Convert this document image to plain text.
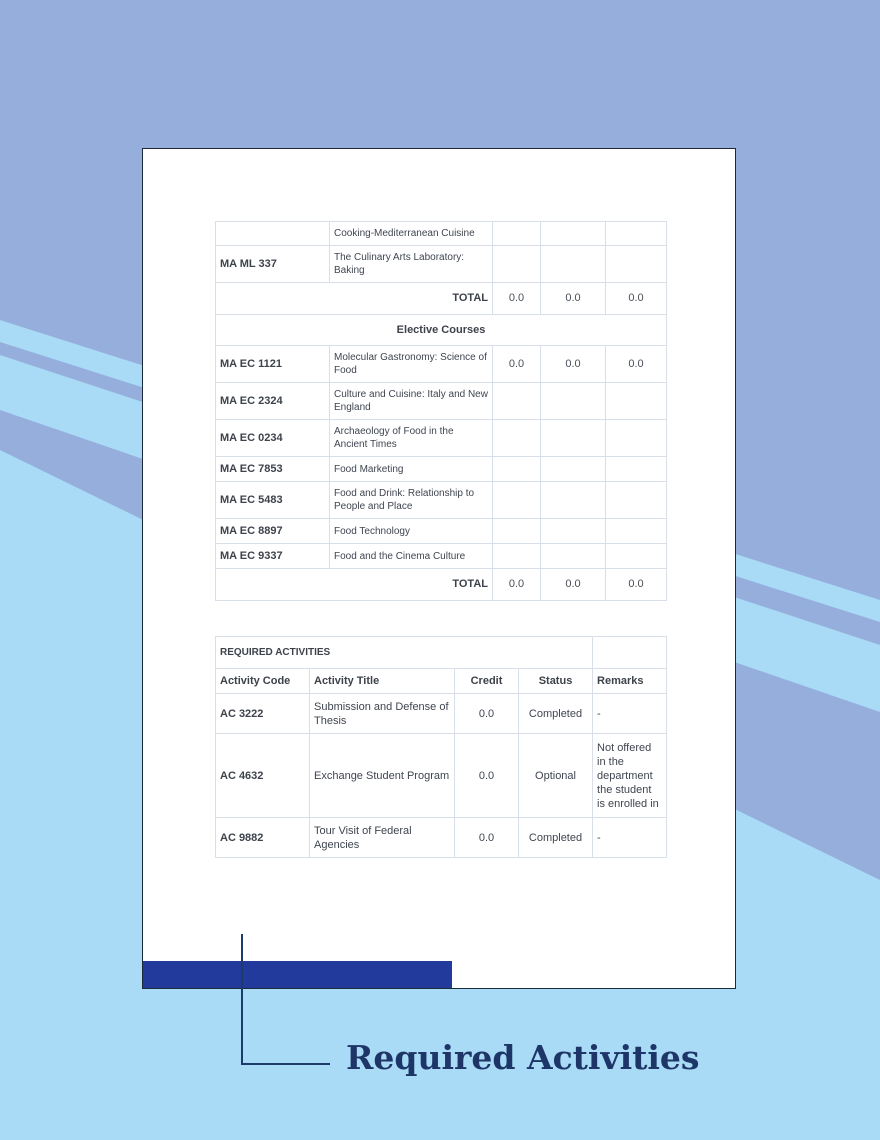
	Cooking-Mediterranean Cuisine			
MA ML 337	The Culinary Arts Laboratory: Baking			
TOTAL		0.0	0.0	0.0
Elective Courses				
MA EC 1121	Molecular Gastronomy: Science of Food	0.0	0.0	0.0
MA EC 2324	Culture and Cuisine: Italy and New England			
MA EC 0234	Archaeology of Food in the Ancient Times			
MA EC 7853	Food Marketing			
MA EC 5483	Food and Drink: Relationship to People and Place			
MA EC 8897	Food Technology			
MA EC 9337	Food and the Cinema Culture			
TOTAL		0.0	0.0	0.0
REQUIRED ACTIVITIES				
Activity Code	Activity Title	Credit	Status	Remarks
AC 3222	Submission and Defense of Thesis	0.0	Completed	-
AC 4632	Exchange Student Program	0.0	Optional	Not offered in the department the student is enrolled in
AC 9882	Tour Visit of Federal Agencies	0.0	Completed	-
Required Activities
